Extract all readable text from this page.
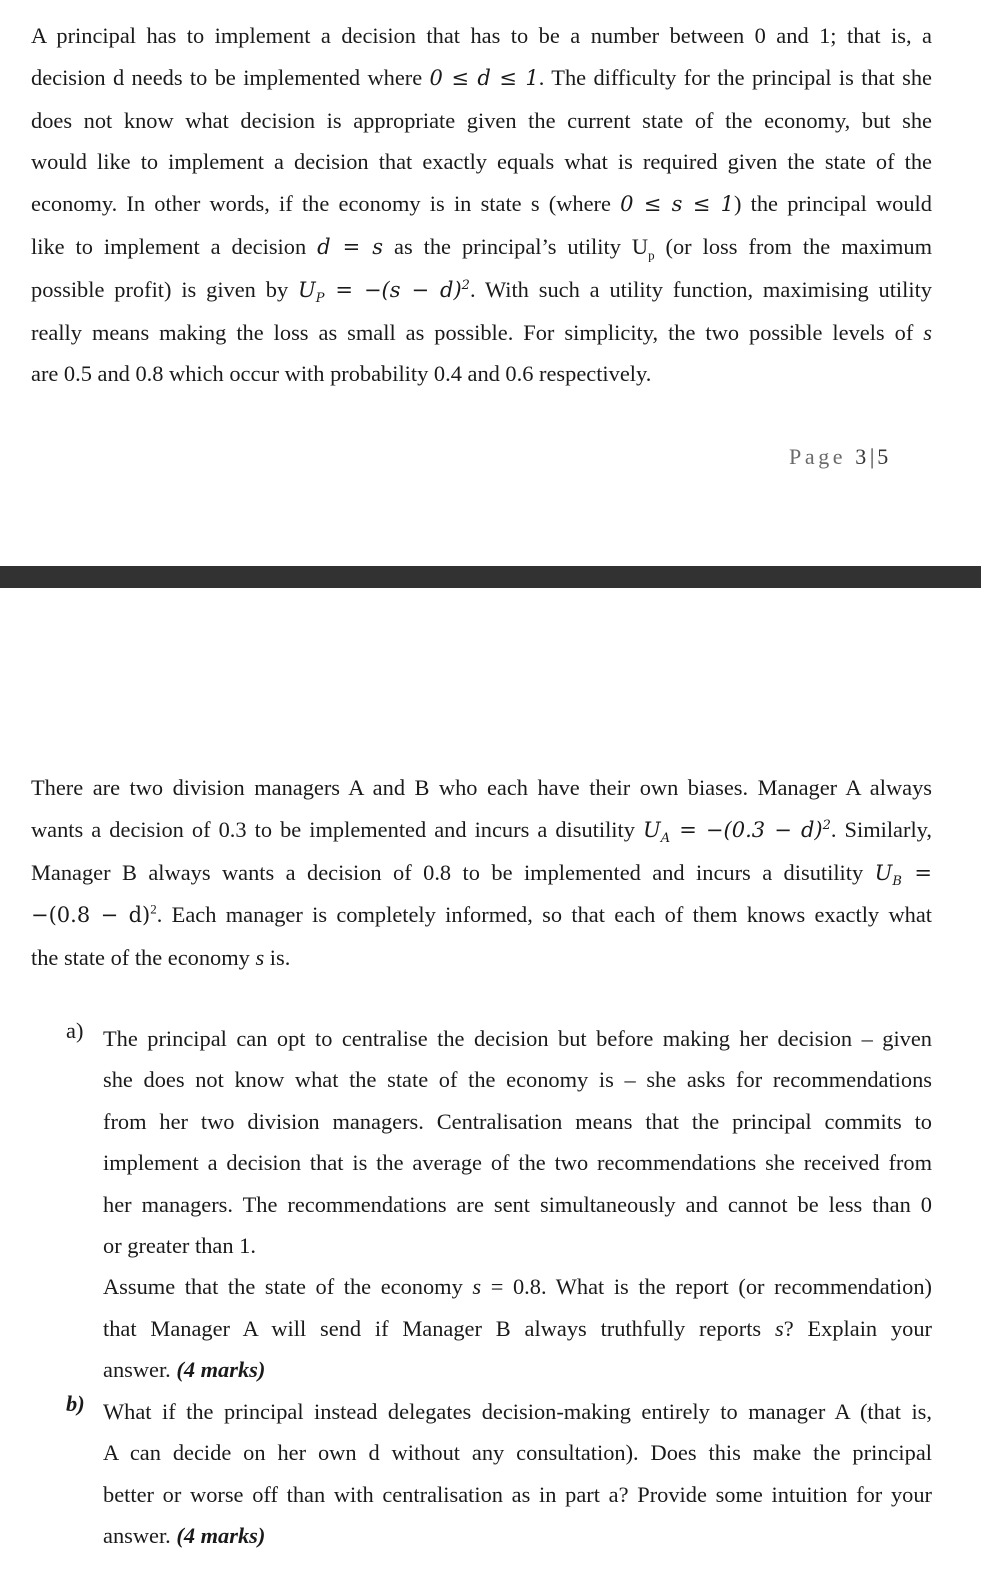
A principal has to implement a decision that has to be a number between 0 and 1; that is, a
decision d needs to be implemented where 0 ≤ d ≤ 1. The difficulty for the principal is that she
does not know what decision is appropriate given the current state of the economy, but she
would like to implement a decision that exactly equals what is required given the state of the
economy. In other words, if the economy is in state s (where 0 ≤ s ≤ 1) the principal would
like to implement a decision d = s as the principal’s utility $U_p$ (or loss from the maximum
possible profit) is given by $U_P = -(s - d)^2$. With such a utility function, maximising utility
really means making the loss as small as possible. For simplicity, the two possible levels of s
are 0.5 and 0.8 which occur with probability 0.4 and 0.6 respectively.
Page 3|5
There are two division managers A and B who each have their own biases. Manager A always
wants a decision of 0.3 to be implemented and incurs a disutility $U_A = -(0.3 - d)^2$. Similarly,
Manager B always wants a decision of 0.8 to be implemented and incurs a disutility $U_B$ =
$-(0.8 - d)^2$. Each manager is completely informed, so that each of them knows exactly what
the state of the economy s is.
a) The principal can opt to centralise the decision but before making her decision – given
she does not know what the state of the economy is – she asks for recommendations
from her two division managers. Centralisation means that the principal commits to
implement a decision that is the average of the two recommendations she received from
her managers. The recommendations are sent simultaneously and cannot be less than 0
or greater than 1.
Assume that the state of the economy s = 0.8. What is the report (or recommendation)
that Manager A will send if Manager B always truthfully reports s? Explain your
answer. (4 marks)
b) What if the principal instead delegates decision-making entirely to manager A (that is,
A can decide on her own d without any consultation). Does this make the principal
better or worse off than with centralisation as in part a? Provide some intuition for your
answer. (4 marks)
